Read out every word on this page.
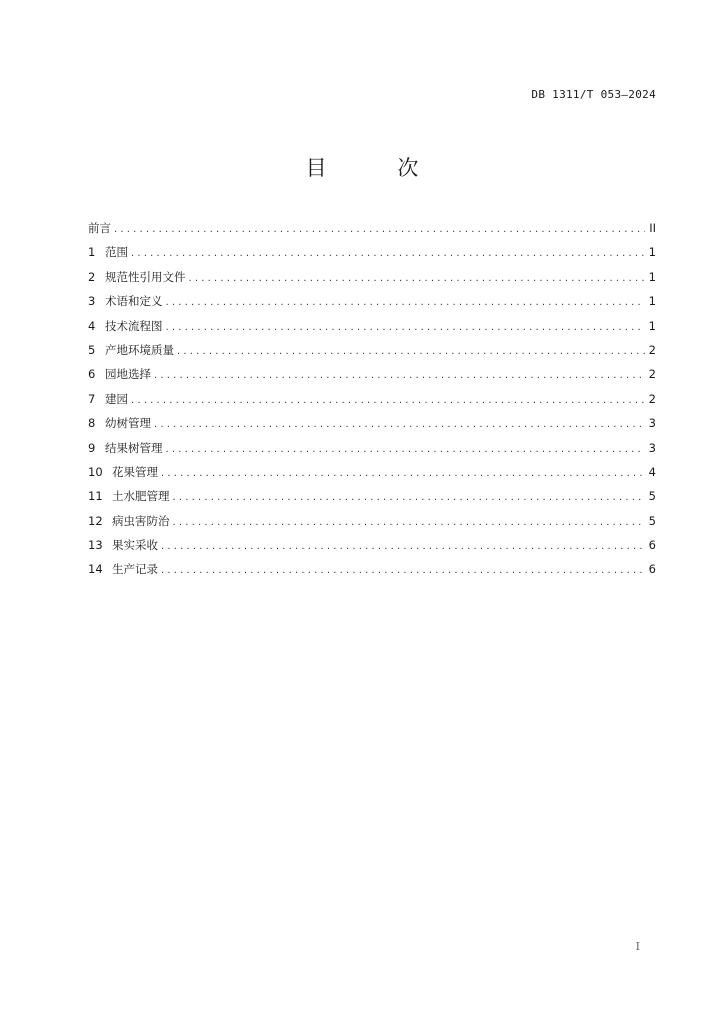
DB 1311/T 053—2024
目 次
前言 .....	II
1 范围 .....	1
2 规范性引用文件 .....	1
3 术语和定义 .....	1
4 技术流程图 .....	1
5 产地环境质量 .....	2
6 园地选择 .....	2
7 建园 .....	2
8 幼树管理 .....	3
9 结果树管理 .....	3
10 花果管理 .....	4
11 土水肥管理 .....	5
12 病虫害防治 .....	5
13 果实采收 .....	6
14 生产记录 .....	6
I
